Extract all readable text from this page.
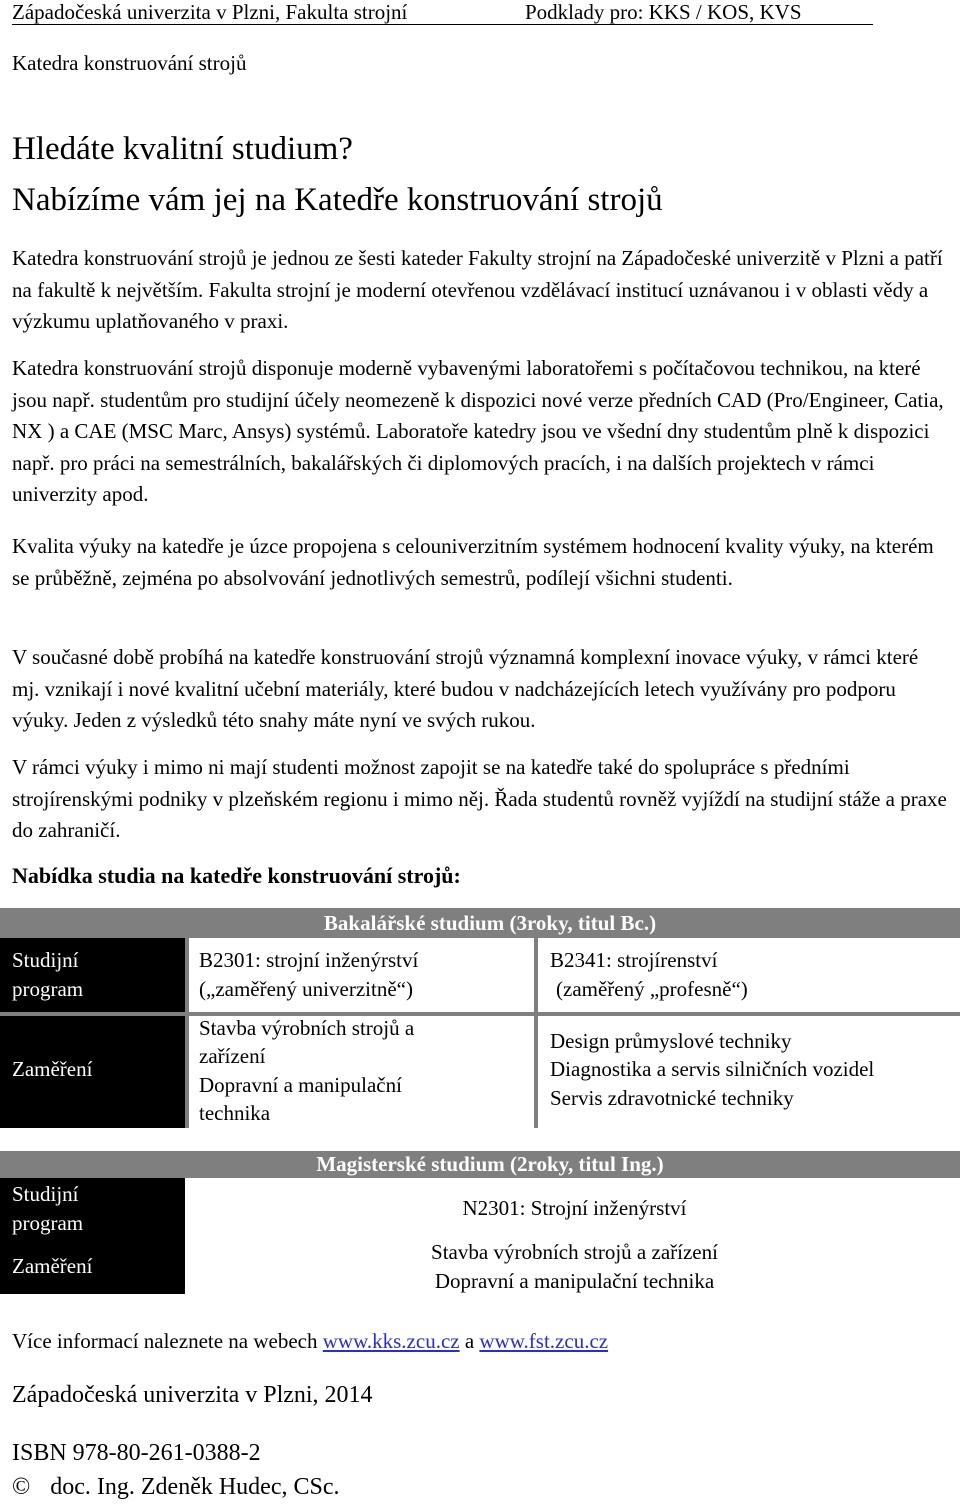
Západočeská univerzita v Plzni, Fakulta strojní	Podklady pro: KKS / KOS, KVS
Katedra konstruování strojů
Hledáte kvalitní studium?
Nabízíme vám jej na Katedře konstruování strojů

Katedra konstruování strojů je jednou ze šesti kateder Fakulty strojní na Západočeské univerzitě v Plzni a patří na fakultě k největším. Fakulta strojní je moderní otevřenou vzdělávací institucí uznávanou i v oblasti vědy a výzkumu uplatňovaného v praxi.

Katedra konstruování strojů disponuje moderně vybavenými laboratořemi s počítačovou technikou, na které jsou např. studentům pro studijní účely neomezeně k dispozici nové verze předních CAD (Pro/Engineer, Catia, NX ) a CAE (MSC Marc, Ansys) systémů. Laboratoře katedry jsou ve všední dny studentům plně k dispozici např. pro práci na semestrálních, bakalářských či diplomových pracích, i na dalších projektech v rámci univerzity apod.

Kvalita výuky na katedře je úzce propojena s celouniverzitním systémem hodnocení kvality výuky, na kterém se průběžně, zejména po absolvování jednotlivých semestrů, podílejí všichni studenti.

V současné době probíhá na katedře konstruování strojů významná komplexní inovace výuky, v rámci které mj. vznikají i nové kvalitní učební materiály, které budou v nadcházejících letech využívány pro podporu výuky. Jeden z výsledků této snahy máte nyní ve svých rukou.

V rámci výuky i mimo ni mají studenti možnost zapojit se na katedře také do spolupráce s předními strojírenskými podniky v plzeňském regionu i mimo něj. Řada studentů rovněž vyjíždí na studijní stáže a praxe do zahraničí.

Nabídka studia na katedře konstruování strojů:
Bakalářské studium (3roky, titul Bc.)
Studijní program
Zaměření
B2301: strojní inženýrství
(„zaměřený univerzitně“)
B2341: strojírenství
(zaměřený „profesně“)
Stavba výrobních strojů a
zařízení
Dopravní a manipulační
technika
Design průmyslové techniky
Diagnostika a servis silničních vozidel
Servis zdravotnické techniky
Magisterské studium (2roky, titul Ing.)
Studijní program
Zaměření
N2301: Strojní inženýrství
Stavba výrobních strojů a zařízení
Dopravní a manipulační technika
Více informací naleznete na webech www.kks.zcu.cz a www.fst.zcu.cz
Západočeská univerzita v Plzni, 2014
ISBN 978-80-261-0388-2
© doc. Ing. Zdeněk Hudec, CSc.
